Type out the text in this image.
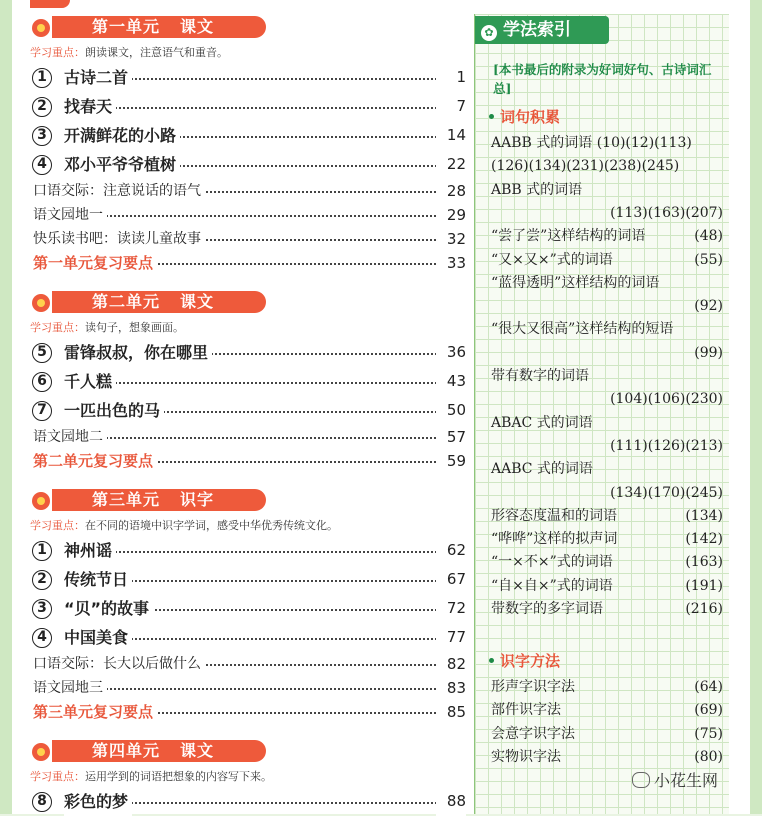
第一单元 课文
学习重点：朗读课文，注意语气和重音。
1	古诗二首	1
2	找春天	7
3	开满鲜花的小路	14
4	邓小平爷爷植树	22
口语交际：注意说话的语气	28
语文园地一	29
快乐读书吧：读读儿童故事	32
第一单元复习要点	33
第二单元 课文
学习重点：读句子，想象画面。
5	雷锋叔叔，你在哪里	36
6	千人糕	43
7	一匹出色的马	50
语文园地二	57
第二单元复习要点	59
第三单元 识字
学习重点：在不同的语境中识字学词，感受中华优秀传统文化。
1	神州谣	62
2	传统节日	67
3	“贝”的故事	72
4	中国美食	77
口语交际：长大以后做什么	82
语文园地三	83
第三单元复习要点	85
第四单元 课文
学习重点：运用学到的词语把想象的内容写下来。
8	彩色的梦	88
✿ 学法索引
[本书最后的附录为好词好句、古诗词汇总]
词句积累
AABB 式的词语 (10)(12)(113)
(126)(134)(231)(238)(245)
ABB 式的词语
(113)(163)(207)
“尝了尝”这样结构的词语	(48)
“又×又×”式的词语	(55)
“蓝得透明”这样结构的词语
(92)
“很大又很高”这样结构的短语
(99)
带有数字的词语
(104)(106)(230)
ABAC 式的词语
(111)(126)(213)
AABC 式的词语
(134)(170)(245)
形容态度温和的词语	(134)
“哗哗”这样的拟声词	(142)
“一×不×”式的词语	(163)
“自×自×”式的词语	(191)
带数字的多字词语	(216)
识字方法
形声字识字法	(64)
部件识字法	(69)
会意字识字法	(75)
实物识字法	(80)
小花生网
